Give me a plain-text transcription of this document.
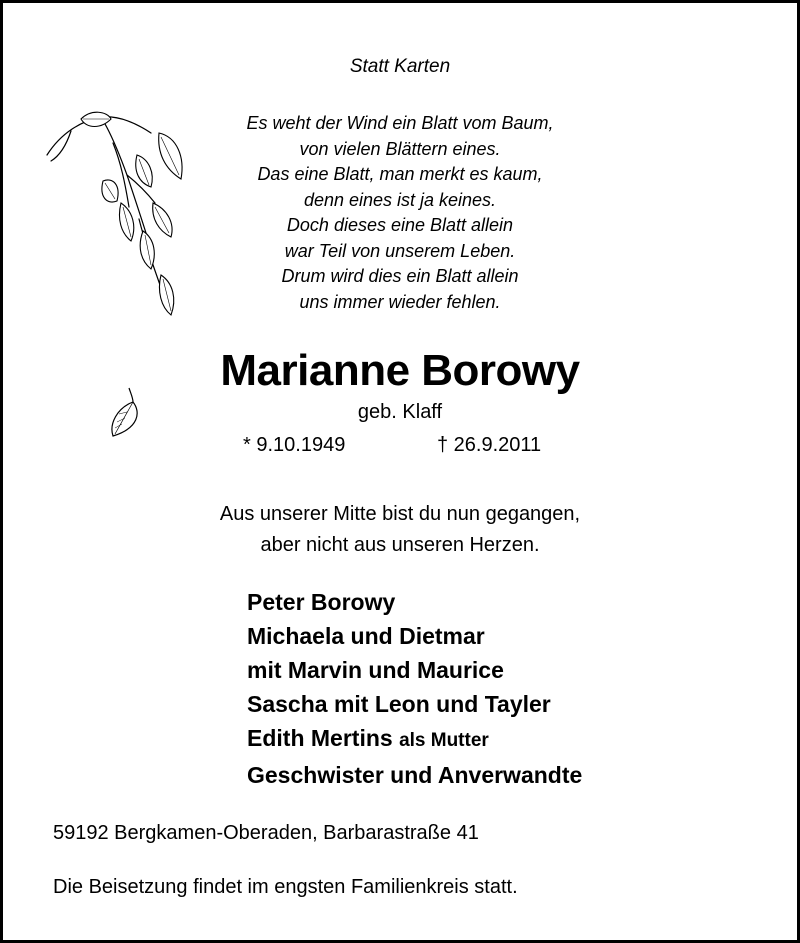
Statt Karten
Es weht der Wind ein Blatt vom Baum,
von vielen Blättern eines.
Das eine Blatt, man merkt es kaum,
denn eines ist ja keines.
Doch dieses eine Blatt allein
war Teil von unserem Leben.
Drum wird dies ein Blatt allein
uns immer wieder fehlen.
Marianne Borowy
geb. Klaff
* 9.10.1949	† 26.9.2011
Aus unserer Mitte bist du nun gegangen,
aber nicht aus unseren Herzen.
Peter Borowy
Michaela und Dietmar
mit Marvin und Maurice
Sascha mit Leon und Tayler
Edith Mertins als Mutter
Geschwister und Anverwandte
59192 Bergkamen-Oberaden, Barbarastraße 41
Die Beisetzung findet im engsten Familienkreis statt.
